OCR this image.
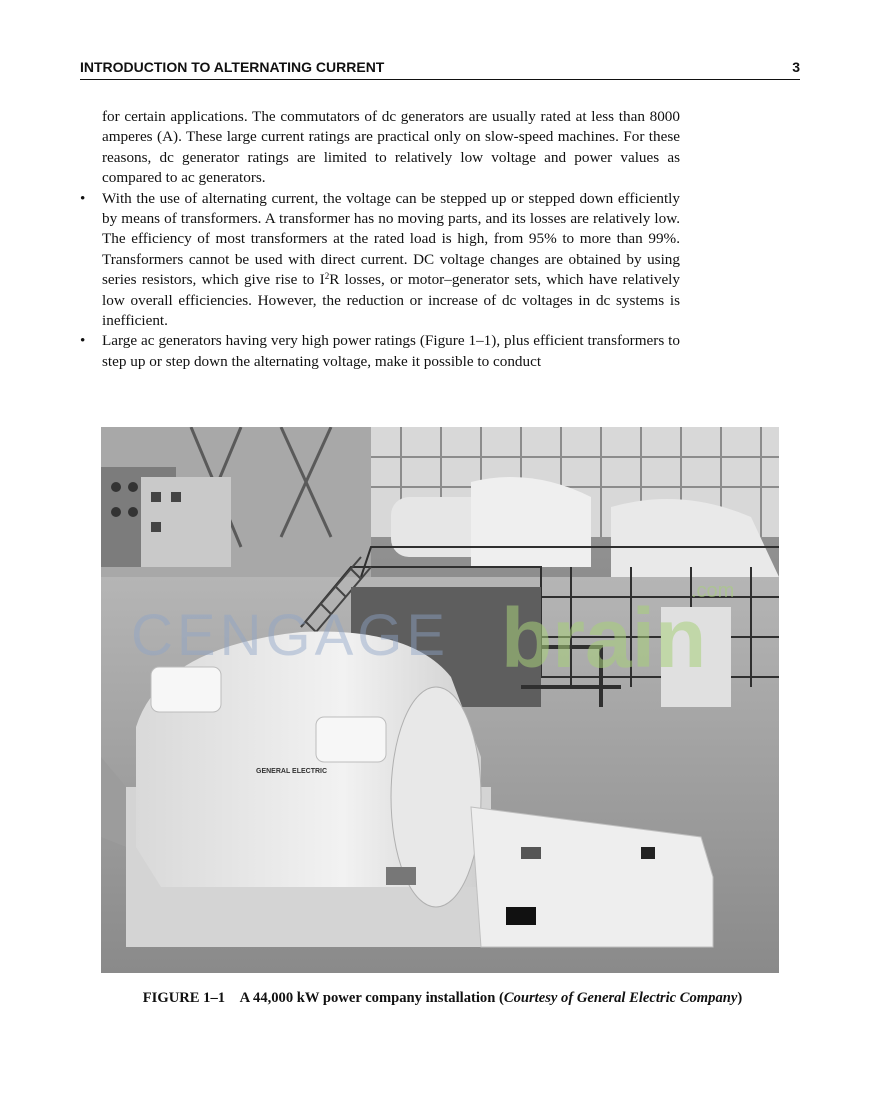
INTRODUCTION TO ALTERNATING CURRENT	3

for certain applications. The commutators of dc generators are usually rated at less than 8000 amperes (A). These large current ratings are practical only on slow-speed machines. For these reasons, dc generator ratings are limited to relatively low voltage and power values as compared to ac generators.

• With the use of alternating current, the voltage can be stepped up or stepped down efficiently by means of transformers. A transformer has no moving parts, and its losses are relatively low. The efficiency of most transformers at the rated load is high, from 95% to more than 99%. Transformers cannot be used with direct current. DC voltage changes are obtained by using series resistors, which give rise to $I^2R$ losses, or motor–generator sets, which have relatively low overall efficiencies. However, the reduction or increase of dc voltages in dc systems is inefficient.
• Large ac generators having very high power ratings (Figure 1–1), plus efficient transformers to step up or step down the alternating voltage, make it possible to conduct
GENERAL ELECTRIC
CENGAGE brain
.com
FIGURE 1–1 A 44,000 kW power company installation (Courtesy of General Electric Company)
